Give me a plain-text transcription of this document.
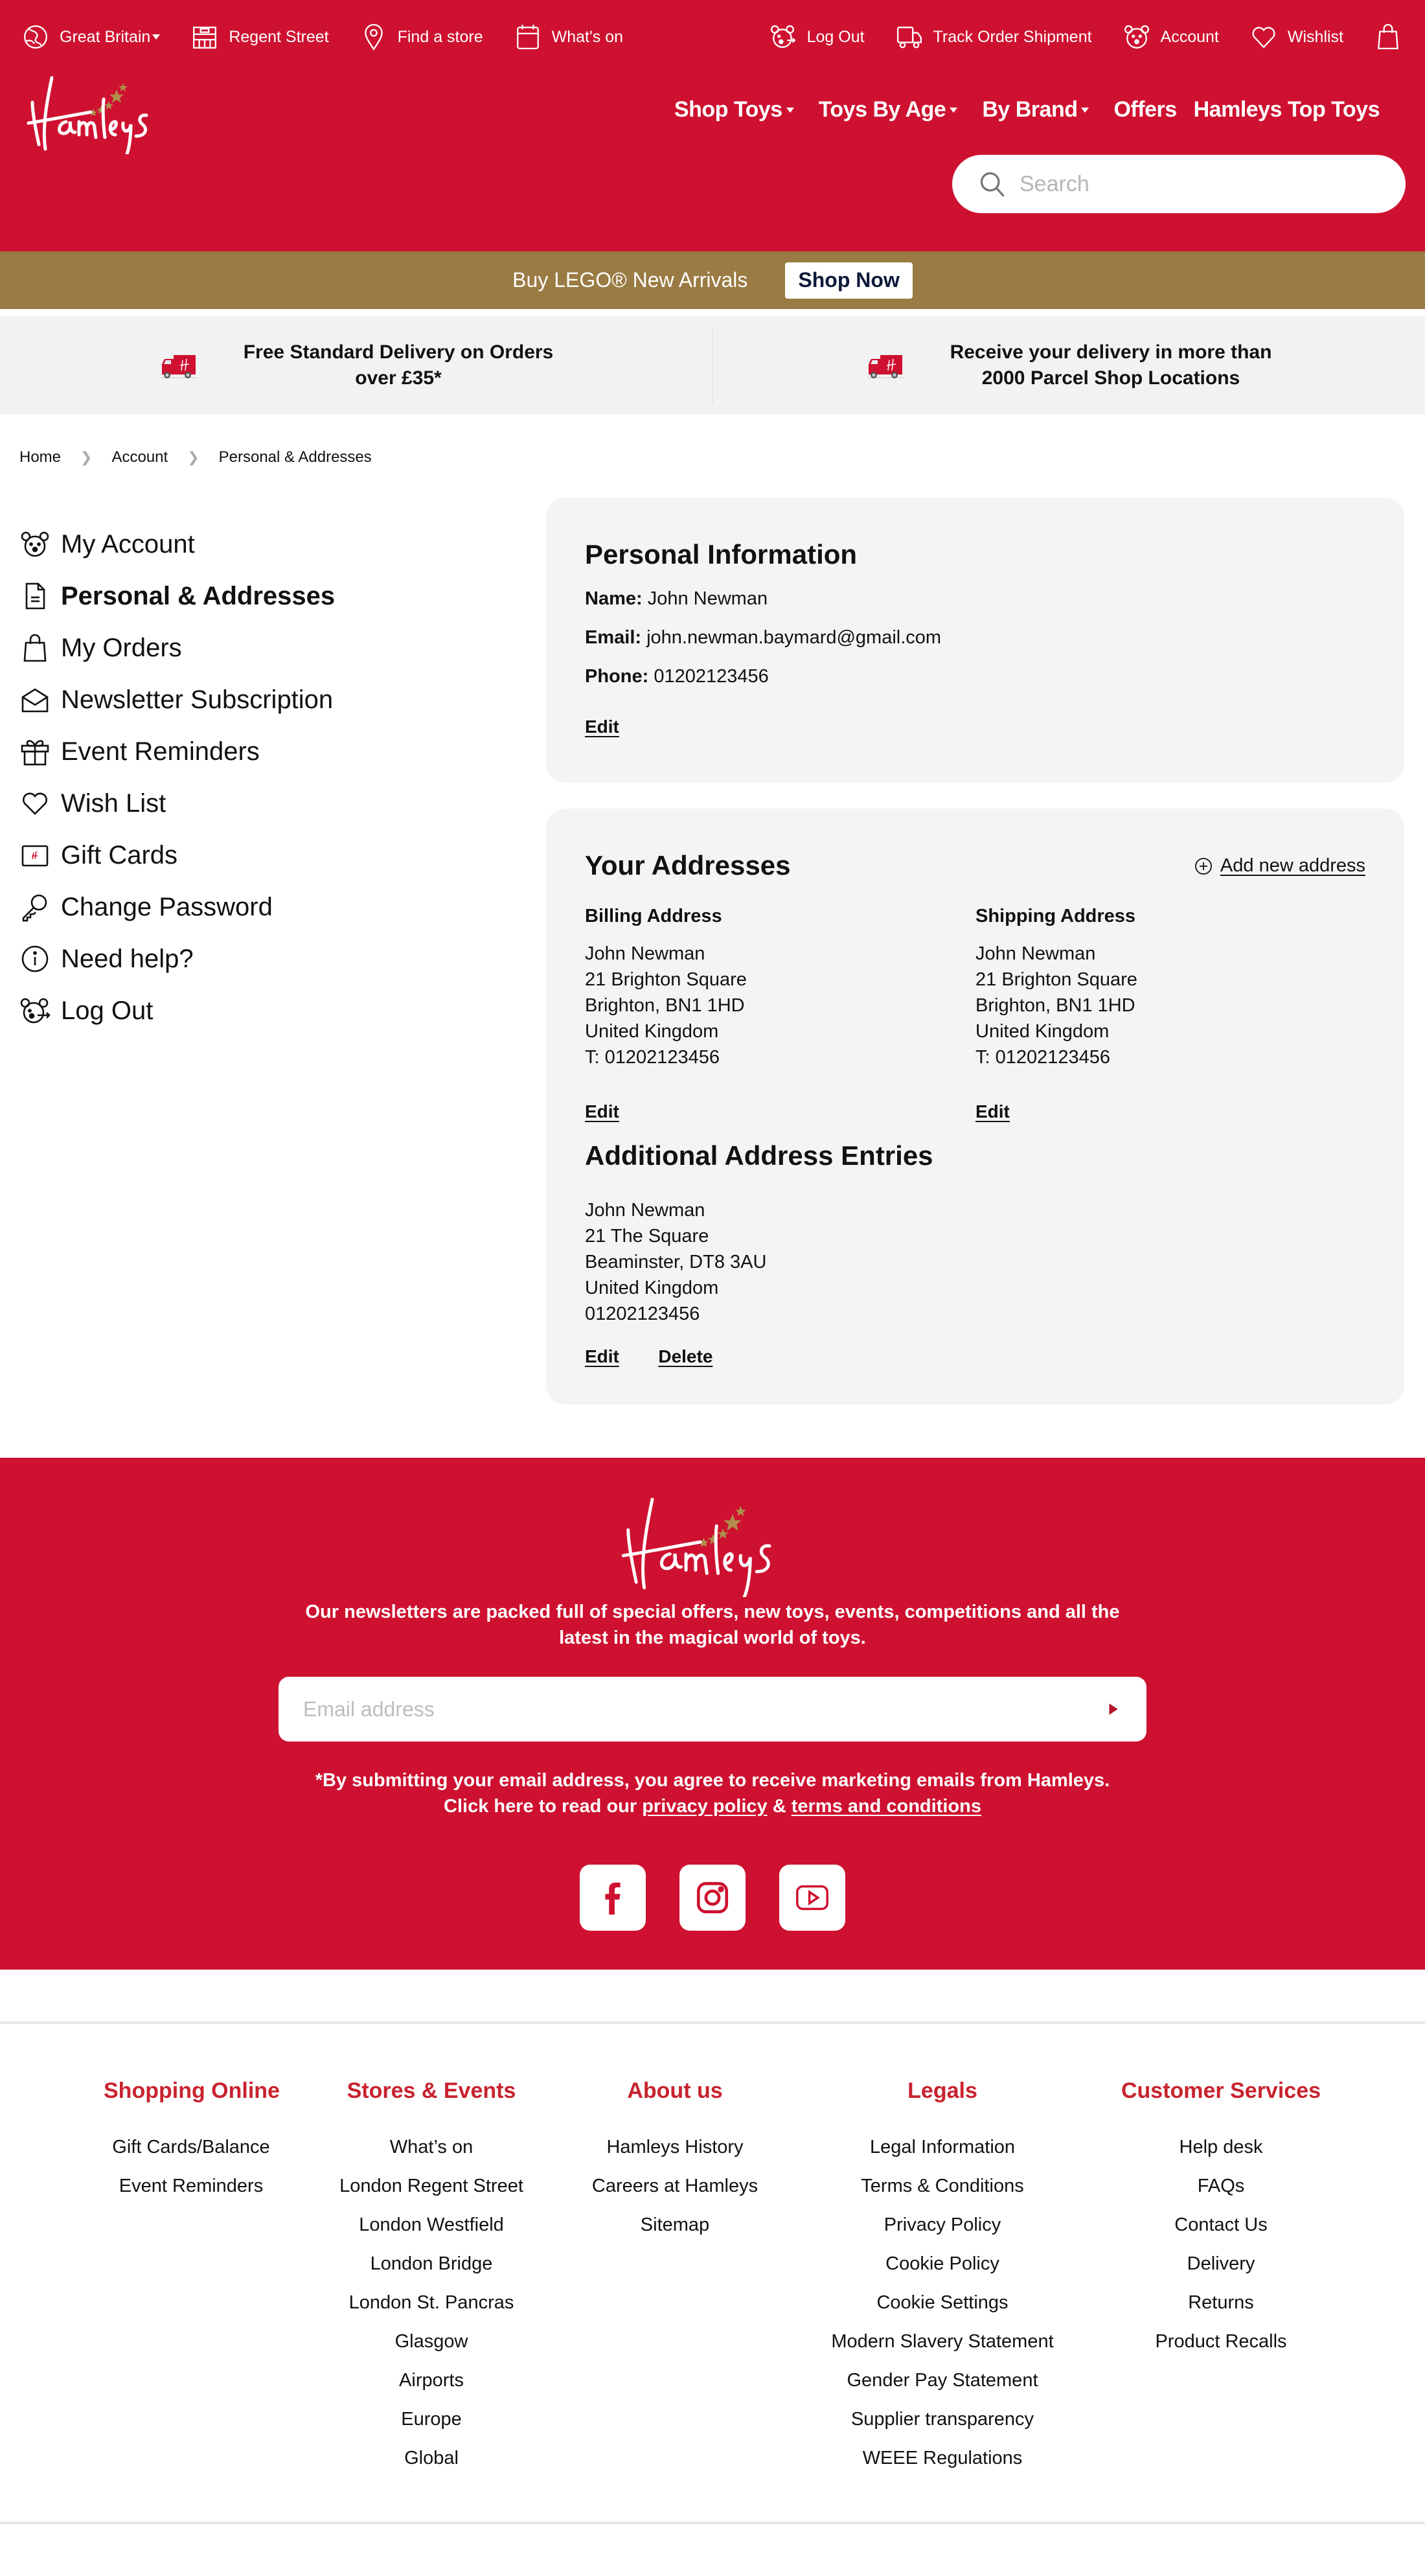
Great Britain	Regent Street	Find a store	What's on	Log Out	Track Order Shipment	Account	Wishlist
Shop Toys Toys By Age By Brand Offers Hamleys Top Toys
Search
Buy LEGO® New Arrivals	Shop Now
Free Standard Delivery on Orders
over £35*
Receive your delivery in more than
2000 Parcel Shop Locations
Home ❯ Account ❯ Personal & Addresses
My Account
Personal & Addresses
My Orders
Newsletter Subscription
Event Reminders
Wish List
Gift Cards
Change Password
Need help?
Log Out
Personal Information
Name: John Newman
Email: john.newman.baymard@gmail.com
Phone: 01202123456
Edit
Your Addresses	Add new address
Billing Address
John Newman
21 Brighton Square
Brighton, BN1 1HD
United Kingdom
T: 01202123456
Edit
Shipping Address
John Newman
21 Brighton Square
Brighton, BN1 1HD
United Kingdom
T: 01202123456
Edit
Additional Address Entries
John Newman
21 The Square
Beaminster, DT8 3AU
United Kingdom
01202123456
Edit Delete
Our newsletters are packed full of special offers, new toys, events, competitions and all the
latest in the magical world of toys.
Email address
*By submitting your email address, you agree to receive marketing emails from Hamleys.
Click here to read our privacy policy & terms and conditions
Shopping Online
Gift Cards/Balance
Event Reminders
Stores & Events
What’s on
London Regent Street
London Westfield
London Bridge
London St. Pancras
Glasgow
Airports
Europe
Global
About us
Hamleys History
Careers at Hamleys
Sitemap
Legals
Legal Information
Terms & Conditions
Privacy Policy
Cookie Policy
Cookie Settings
Modern Slavery Statement
Gender Pay Statement
Supplier transparency
WEEE Regulations
Customer Services
Help desk
FAQs
Contact Us
Delivery
Returns
Product Recalls
